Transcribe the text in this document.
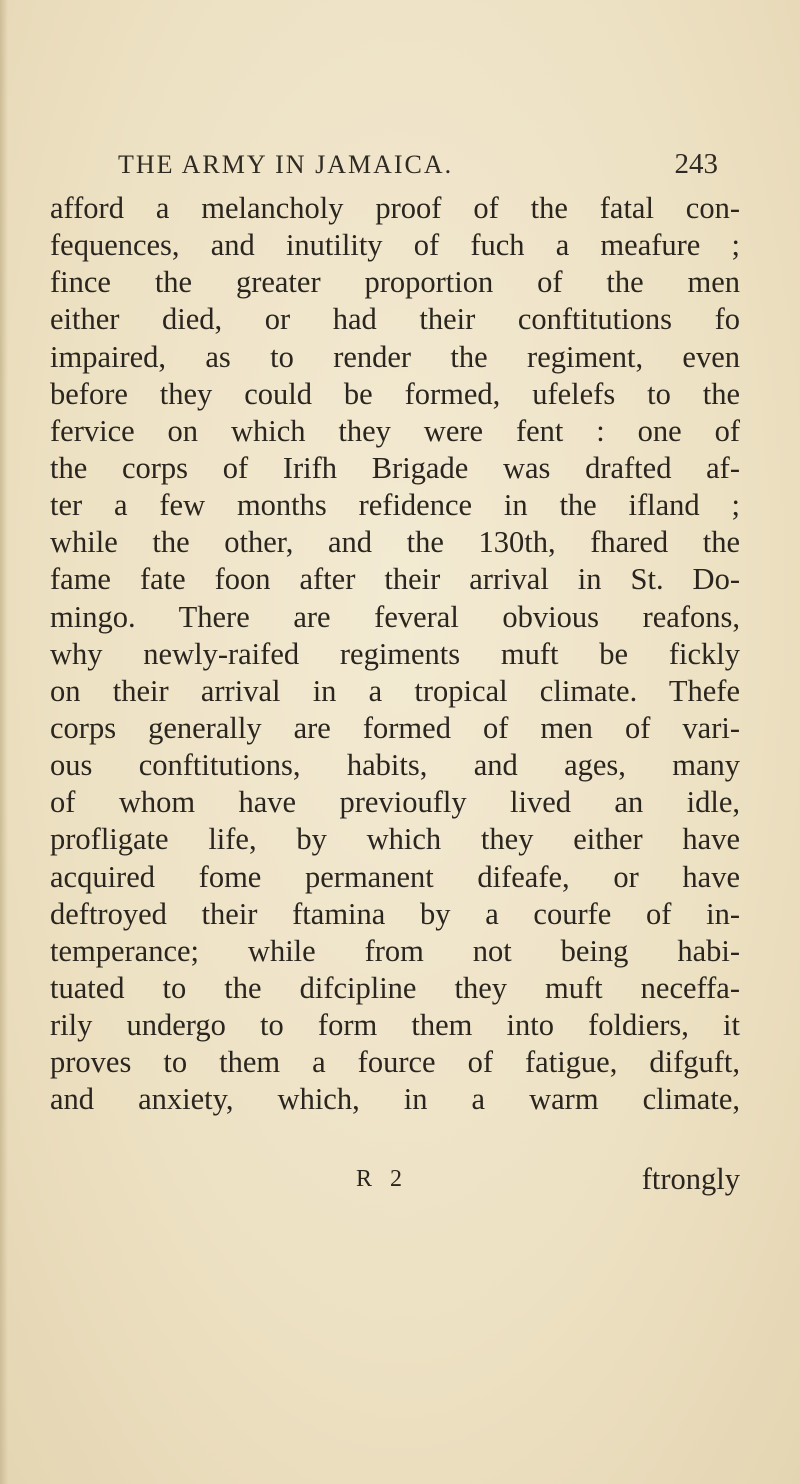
THE ARMY IN JAMAICA.	243
afford a melancholy proof of the fatal con-
fequences, and inutility of fuch a meafure ;
fince the greater proportion of the men
either died, or had their conftitutions fo
impaired, as to render the regiment, even
before they could be formed, ufelefs to the
fervice on which they were fent : one of
the corps of Irifh Brigade was drafted af-
ter a few months refidence in the ifland ;
while the other, and the 130th, fhared the
fame fate foon after their arrival in St. Do-
mingo. There are feveral obvious reafons,
why newly-raifed regiments muft be fickly
on their arrival in a tropical climate. Thefe
corps generally are formed of men of vari-
ous conftitutions, habits, and ages, many
of whom have previoufly lived an idle,
profligate life, by which they either have
acquired fome permanent difeafe, or have
deftroyed their ftamina by a courfe of in-
temperance; while from not being habi-
tuated to the difcipline they muft neceffa-
rily undergo to form them into foldiers, it
proves to them a fource of fatigue, difguft,
and anxiety, which, in a warm climate,
R 2	ftrongly
